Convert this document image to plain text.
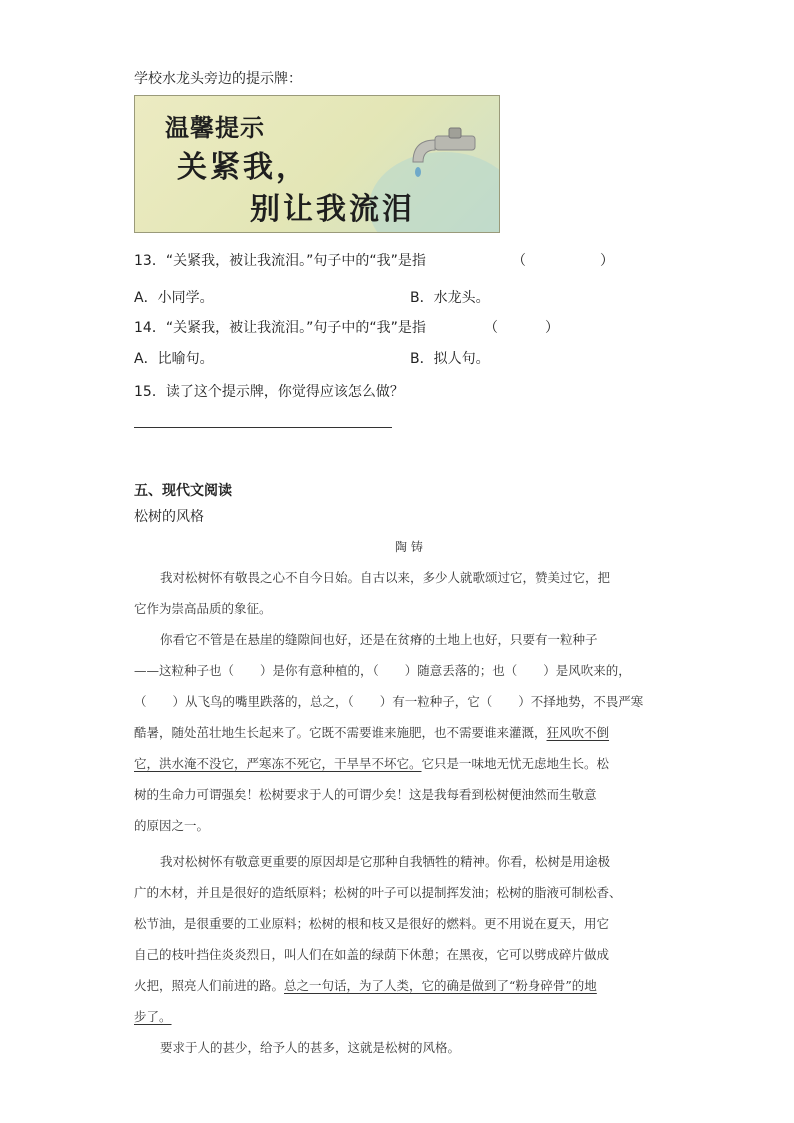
学校水龙头旁边的提示牌：
温馨提示
关紧我，
别让我流泪
13．“关紧我，被让我流泪。”句子中的“我”是指	（	）
A．小同学。	B．水龙头。
14．“关紧我，被让我流泪。”句子中的“我”是指	（	）
A．比喻句。	B．拟人句。
15．读了这个提示牌，你觉得应该怎么做？
五、现代文阅读
松树的风格
陶 铸
我对松树怀有敬畏之心不自今日始。自古以来，多少人就歌颂过它，赞美过它，把
它作为崇高品质的象征。
你看它不管是在悬崖的缝隙间也好，还是在贫瘠的土地上也好，只要有一粒种子
——这粒种子也（ ）是你有意种植的，（ ）随意丢落的；也（ ）是风吹来的，
（ ）从飞鸟的嘴里跌落的，总之，（ ）有一粒种子，它（ ）不择地势，不畏严寒
酷暑，随处茁壮地生长起来了。它既不需要谁来施肥，也不需要谁来灌溉，狂风吹不倒
它，洪水淹不没它，严寒冻不死它，干旱旱不坏它。它只是一味地无忧无虑地生长。松
树的生命力可谓强矣！松树要求于人的可谓少矣！这是我每看到松树便油然而生敬意
的原因之一。
我对松树怀有敬意更重要的原因却是它那种自我牺牲的精神。你看，松树是用途极
广的木材，并且是很好的造纸原料；松树的叶子可以提制挥发油；松树的脂液可制松香、
松节油，是很重要的工业原料；松树的根和枝又是很好的燃料。更不用说在夏天，用它
自己的枝叶挡住炎炎烈日，叫人们在如盖的绿荫下休憩；在黑夜，它可以劈成碎片做成
火把，照亮人们前进的路。总之一句话，为了人类，它的确是做到了“粉身碎骨”的地
步了。
要求于人的甚少，给予人的甚多，这就是松树的风格。
